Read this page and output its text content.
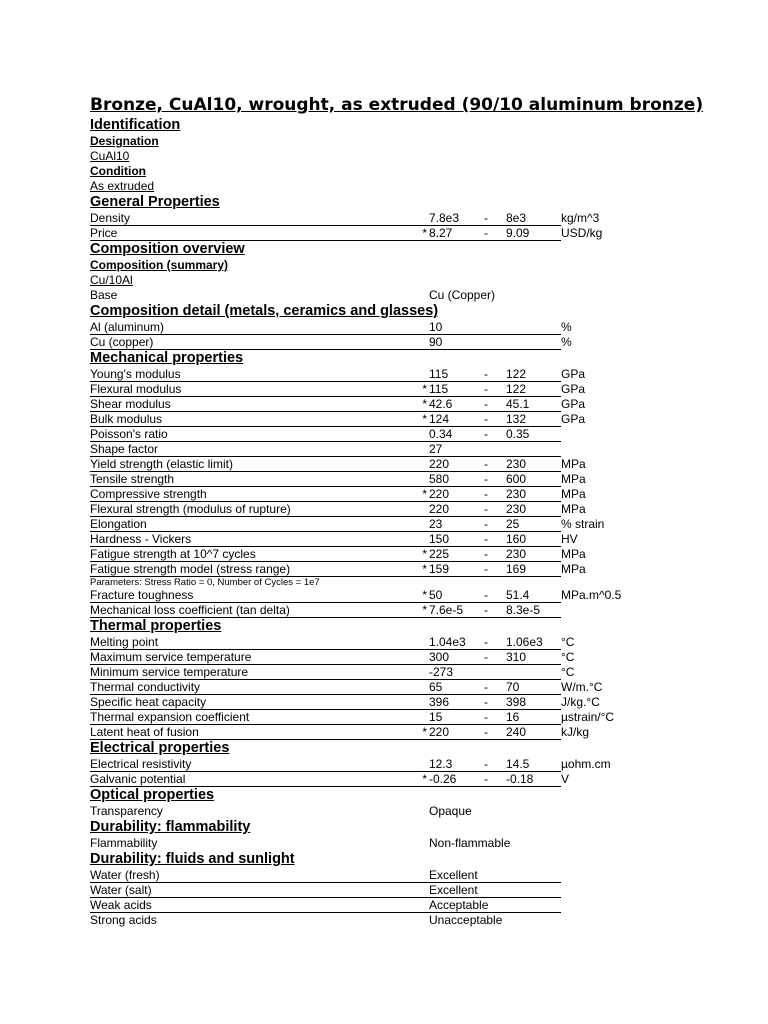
Bronze, CuAl10, wrought, as extruded (90/10 aluminum bronze)
Identification
Designation
CuAl10
Condition
As extruded
General Properties
Density	7.8e3 - 8e3	kg/m^3
Price	* 8.27	- 9.09	USD/kg
Composition overview
Composition (summary)
Cu/10Al
Base	Cu (Copper)
Composition detail (metals, ceramics and glasses)
Al (aluminum)	10	%
Cu (copper)	90	%
Mechanical properties
Young's modulus	115	- 122	GPa
Flexural modulus	* 115	- 122	GPa
Shear modulus	* 42.6	- 45.1	GPa
Bulk modulus	* 124	- 132	GPa
Poisson's ratio	0.34	- 0.35
Shape factor	27
Yield strength (elastic limit)	220	- 230	MPa
Tensile strength	580	- 600	MPa
Compressive strength	* 220	- 230	MPa
Flexural strength (modulus of rupture)	220	- 230	MPa
Elongation	23	- 25	% strain
Hardness - Vickers	150	- 160	HV
Fatigue strength at 10^7 cycles	* 225	- 230	MPa
Fatigue strength model (stress range)	* 159	- 169	MPa
Parameters: Stress Ratio = 0, Number of Cycles = 1e7
Fracture toughness	* 50	- 51.4	MPa.m^0.5
Mechanical loss coefficient (tan delta)	* 7.6e-5 - 8.3e-5
Thermal properties
Melting point	1.04e3 - 1.06e3 °C
Maximum service temperature	300	- 310	°C
Minimum service temperature	-273	°C
Thermal conductivity	65	- 70	W/m.°C
Specific heat capacity	396	- 398	J/kg.°C
Thermal expansion coefficient	15	- 16	µstrain/°C
Latent heat of fusion	* 220	- 240	kJ/kg
Electrical properties
Electrical resistivity	12.3	- 14.5	µohm.cm
Galvanic potential	* -0.26 - -0.18 V
Optical properties
Transparency	Opaque
Durability: flammability
Flammability	Non-flammable
Durability: fluids and sunlight
Water (fresh)	Excellent
Water (salt)	Excellent
Weak acids	Acceptable
Strong acids	Unacceptable
